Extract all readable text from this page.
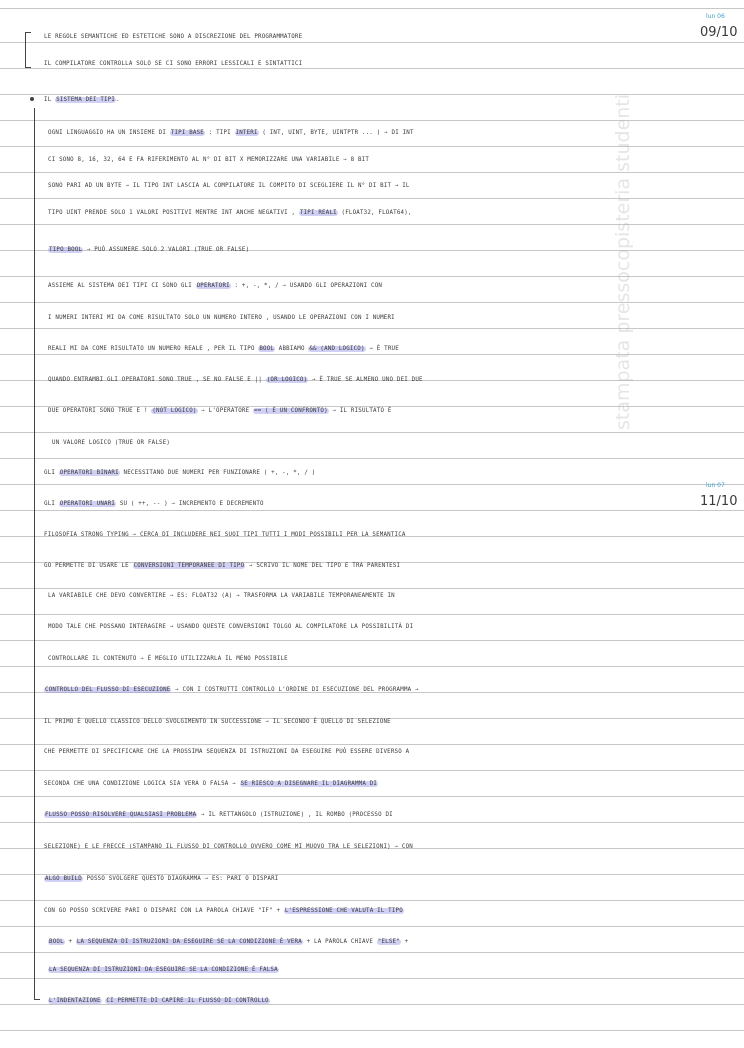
lun 06
09/10
lun 07
11/10
stampata pressocopisteria studenti
LE REGOLE SEMANTICHE ED ESTETICHE SONO A DISCREZIONE DEL PROGRAMMATORE
IL COMPILATORE CONTROLLA SOLO SE CI SONO ERRORI LESSICALI E SINTATTICI
IL SISTEMA DEI TIPI.
OGNI LINGUAGGIO HA UN INSIEME DI TIPI BASE : TIPI INTERI ( INT, UINT, BYTE, UINTPTR ... ) → DI INT
CI SONO 8, 16, 32, 64 E FA RIFERIMENTO AL N° DI BIT X MEMORIZZARE UNA VARIABILE → 8 BIT
SONO PARI AD UN BYTE → IL TIPO INT LASCIA AL COMPILATORE IL COMPITO DI SCEGLIERE IL N° DI BIT → IL
TIPO UINT PRENDE SOLO 1 VALORI POSITIVI MENTRE INT ANCHE NEGATIVI , TIPI REALI (FLOAT32, FLOAT64),
TIPO BOOL → PUÒ ASSUMERE SOLO 2 VALORI (TRUE OR FALSE)
ASSIEME AL SISTEMA DEI TIPI CI SONO GLI OPERATORI : +, -, *, / → USANDO GLI OPERAZIONI CON
I NUMERI INTERI MI DA COME RISULTATO SOLO UN NUMERO INTERO , USANDO LE OPERAZIONI CON I NUMERI
REALI MI DA COME RISULTATO UN NUMERO REALE , PER IL TIPO BOOL ABBIAMO && (AND LOGICO) → È TRUE
QUANDO ENTRAMBI GLI OPERATORI SONO TRUE , SE NO FALSE E || (OR LOGICO) → È TRUE SE ALMENO UNO DEI DUE
DUE OPERATORI SONO TRUE E ! (NOT LOGICO) → L'OPERATORE == ( È UN CONFRONTO) → IL RISULTATO È
UN VALORE LOGICO (TRUE OR FALSE)
GLI OPERATORI BINARI NECESSITANO DUE NUMERI PER FUNZIONARE ( +, -, *, / )
GLI OPERATORI UNARI SU ( ++, -- ) → INCREMENTO E DECREMENTO
FILOSOFIA STRONG TYPING → CERCA DI INCLUDERE NEI SUOI TIPI TUTTI I MODI POSSIBILI PER LA SEMANTICA
GO PERMETTE DI USARE LE CONVERSIONI TEMPORANEE DI TIPO → SCRIVO IL NOME DEL TIPO E TRA PARENTESI
LA VARIABILE CHE DEVO CONVERTIRE → ES: FLOAT32 (A) → TRASFORMA LA VARIABILE TEMPORANEAMENTE IN
MODO TALE CHE POSSANO INTERAGIRE → USANDO QUESTE CONVERSIONI TOLGO AL COMPILATORE LA POSSIBILITÀ DI
CONTROLLARE IL CONTENUTO → È MEGLIO UTILIZZARLA IL MENO POSSIBILE
CONTROLLO DEL FLUSSO DI ESECUZIONE → CON I COSTRUTTI CONTROLLO L'ORDINE DI ESECUZIONE DEL PROGRAMMA →
IL PRIMO È QUELLO CLASSICO DELLO SVOLGIMENTO IN SUCCESSIONE → IL SECONDO È QUELLO DI SELEZIONE
CHE PERMETTE DI SPECIFICARE CHE LA PROSSIMA SEQUENZA DI ISTRUZIONI DA ESEGUIRE PUÒ ESSERE DIVERSO A
SECONDA CHE UNA CONDIZIONE LOGICA SIA VERA O FALSA → SE RIESCO A DISEGNARE IL DIAGRAMMA DI
FLUSSO POSSO RISOLVERE QUALSIASI PROBLEMA → IL RETTANGOLO (ISTRUZIONE) , IL ROMBO (PROCESSO DI
SELEZIONE) E LE FRECCE (STAMPANO IL FLUSSO DI CONTROLLO OVVERO COME MI MUOVO TRA LE SELEZIONI) → CON
ALGO BUILD POSSO SVOLGERE QUESTO DIAGRAMMA → ES: PARI O DISPARI
CON GO POSSO SCRIVERE PARI O DISPARI CON LA PAROLA CHIAVE "IF" + L'ESPRESSIONE CHE VALUTA IL TIPO
BOOL + LA SEQUENZA DI ISTRUZIONI DA ESEGUIRE SE LA CONDIZIONE È VERA + LA PAROLA CHIAVE "ELSE" +
LA SEQUENZA DI ISTRUZIONI DA ESEGUIRE SE LA CONDIZIONE È FALSA
L'INDENTAZIONE CI PERMETTE DI CAPIRE IL FLUSSO DI CONTROLLO
